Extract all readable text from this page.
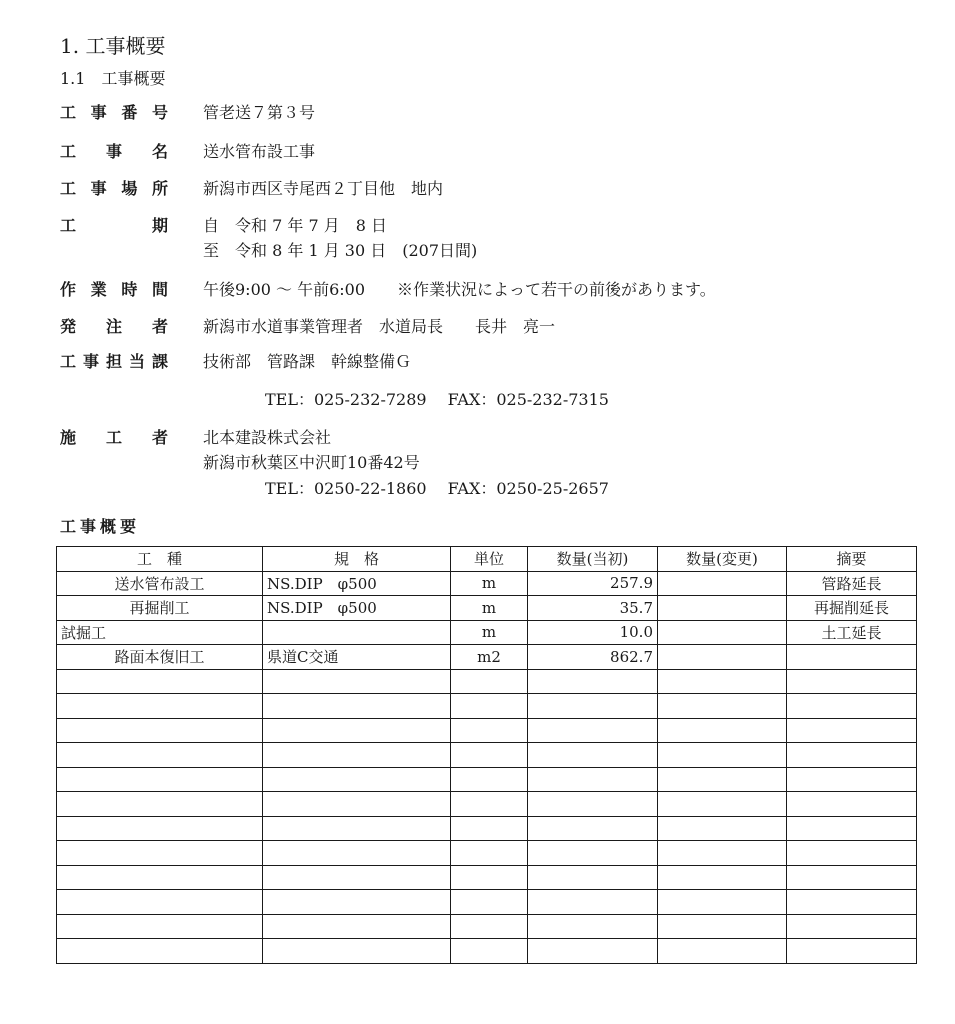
1. 工事概要
1.1　工事概要
工 事 番 号 管老送７第３号
工 事 名 送水管布設工事
工 事 場 所 新潟市西区寺尾西２丁目他　地内
工	期 自　令和 7 年 7 月　8 日
至　令和 8 年 1 月 30 日　(207日間)
作 業 時 間 午後9:00 ～ 午前6:00　　※作業状況によって若干の前後があります。
発 注 者 新潟市水道事業管理者　水道局長　　長井　亮一
工 事 担 当 課 技術部　管路課　幹線整備Ｇ
TEL：025-232-7289　 FAX：025-232-7315
施 工 者 北本建設株式会社
新潟市秋葉区中沢町10番42号
TEL：0250-22-1860　 FAX：0250-25-2657
工事概要
工　種	規　格	単位	数量(当初)	数量(変更)	摘要
送水管布設工	NS.DIP　φ500	m	257.9		管路延長
再掘削工	NS.DIP　φ500	m	35.7		再掘削延長
試掘工		m	10.0		土工延長
路面本復旧工	県道C交通	m2	862.7		
